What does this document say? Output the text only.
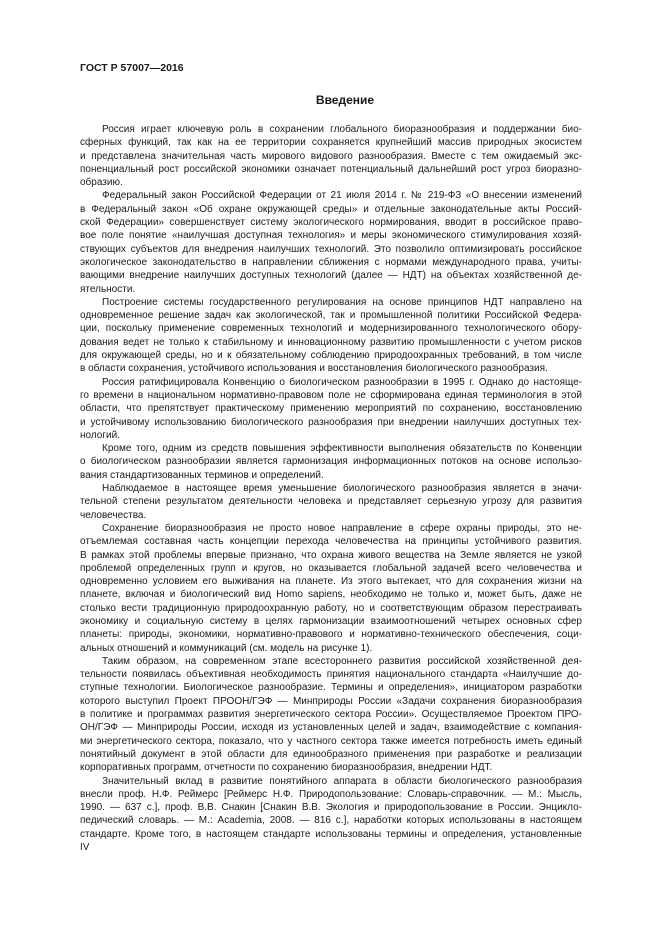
ГОСТ Р 57007—2016
Введение
Россия играет ключевую роль в сохранении глобального биоразнообразия и поддержании био-
сферных функций, так как на ее территории сохраняется крупнейший массив природных экосистем
и представлена значительная часть мирового видового разнообразия. Вместе с тем ожидаемый экс-
поненциальный рост российской экономики означает потенциальный дальнейший рост угроз биоразно-
образию.
Федеральный закон Российской Федерации от 21 июля 2014 г. № 219-ФЗ «О внесении изменений
в Федеральный закон «Об охране окружающей среды» и отдельные законодательные акты Россий-
ской Федерации» совершенствует систему экологического нормирования, вводит в российское право-
вое поле понятие «наилучшая доступная технология» и меры экономического стимулирования хозяй-
ствующих субъектов для внедрения наилучших технологий. Это позволило оптимизировать российское
экологическое законодательство в направлении сближения с нормами международного права, учиты-
вающими внедрение наилучших доступных технологий (далее — НДТ) на объектах хозяйственной де-
ятельности.
Построение системы государственного регулирования на основе принципов НДТ направлено на
одновременное решение задач как экологической, так и промышленной политики Российской Федера-
ции, поскольку применение современных технологий и модернизированного технологического обору-
дования ведет не только к стабильному и инновационному развитию промышленности с учетом рисков
для окружающей среды, но и к обязательному соблюдению природоохранных требований, в том числе
в области сохранения, устойчивого использования и восстановления биологического разнообразия.
Россия ратифицировала Конвенцию о биологическом разнообразии в 1995 г. Однако до настояще-
го времени в национальном нормативно-правовом поле не сформирована единая терминология в этой
области, что препятствует практическому применению мероприятий по сохранению, восстановлению
и устойчивому использованию биологического разнообразия при внедрении наилучших доступных тех-
нологий.
Кроме того, одним из средств повышения эффективности выполнения обязательств по Конвенции
о биологическом разнообразии является гармонизация информационных потоков на основе использо-
вания стандартизованных терминов и определений.
Наблюдаемое в настоящее время уменьшение биологического разнообразия является в значи-
тельной степени результатом деятельности человека и представляет серьезную угрозу для развития
человечества.
Сохранение биоразнообразия не просто новое направление в сфере охраны природы, это не-
отъемлемая составная часть концепции перехода человечества на принципы устойчивого развития.
В рамках этой проблемы впервые признано, что охрана живого вещества на Земле является не узкой
проблемой определенных групп и кругов, но оказывается глобальной задачей всего человечества и
одновременно условием его выживания на планете. Из этого вытекает, что для сохранения жизни на
планете, включая и биологический вид Homo sapiens, необходимо не только и, может быть, даже не
столько вести традиционную природоохранную работу, но и соответствующим образом перестраивать
экономику и социальную систему в целях гармонизации взаимоотношений четырех основных сфер
планеты: природы, экономики, нормативно-правового и нормативно-технического обеспечения, соци-
альных отношений и коммуникаций (см. модель на рисунке 1).
Таким образом, на современном этапе всестороннего развития российской хозяйственной дея-
тельности появилась объективная необходимость принятия национального стандарта «Наилучшие до-
ступные технологии. Биологическое разнообразие. Термины и определения», инициатором разработки
которого выступил Проект ПРООН/ГЭФ — Минприроды России «Задачи сохранения биоразнообразия
в политике и программах развития энергетического сектора России». Осуществляемое Проектом ПРО-
ОН/ГЭФ — Минприроды России, исходя из установленных целей и задач, взаимодействие с компания-
ми энергетического сектора, показало, что у частного сектора также имеется потребность иметь единый
понятийный документ в этой области для единообразного применения при разработке и реализации
корпоративных программ, отчетности по сохранению биоразнообразия, внедрении НДТ.
Значительный вклад в развитие понятийного аппарата в области биологического разнообразия
внесли проф. Н.Ф. Реймерс [Реймерс Н.Ф. Природопользование: Словарь-справочник. — М.: Мысль,
1990. — 637 с.], проф. В.В. Снакин [Снакин В.В. Экология и природопользование в России. Энцикло-
педический словарь. — М.: Academia, 2008. — 816 с.], наработки которых использованы в настоящем
стандарте. Кроме того, в настоящем стандарте использованы термины и определения, установленные
IV
